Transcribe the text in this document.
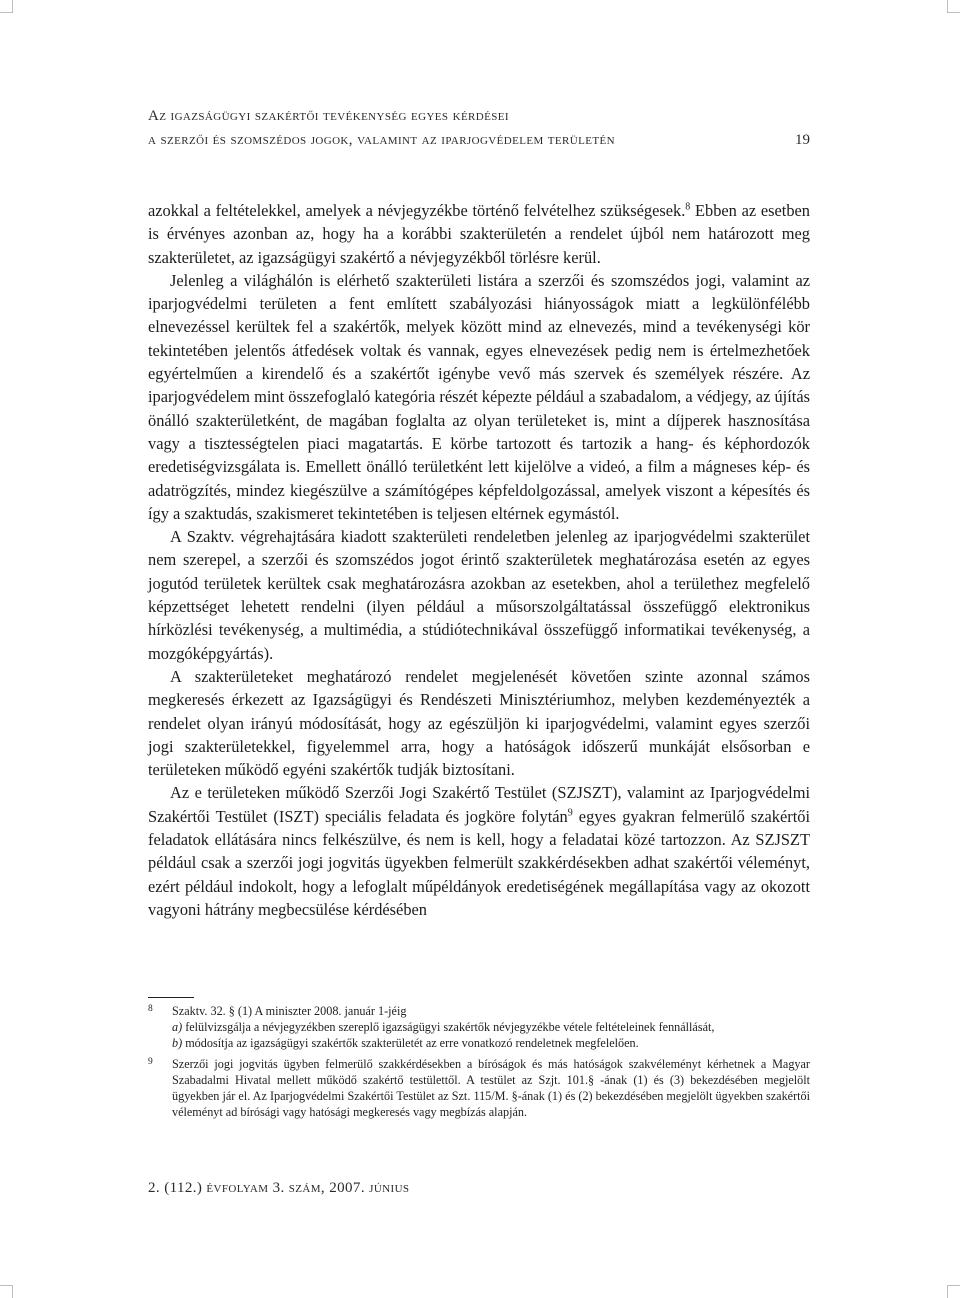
Az igazságügyi szakértői tevékenység egyes kérdései
a szerzői és szomszédos jogok, valamint az iparjogvédelem területén	19

azokkal a feltételekkel, amelyek a névjegyzékbe történő felvételhez szükségesek.$^8$ Ebben az esetben is érvényes azonban az, hogy ha a korábbi szakterületén a rendelet újból nem határozott meg szakterületet, az igazságügyi szakértő a névjegyzékből törlésre kerül.

Jelenleg a világhálón is elérhető szakterületi listára a szerzői és szomszédos jogi, valamint az iparjogvédelmi területen a fent említett szabályozási hiányosságok miatt a legkülönfélébb elnevezéssel kerültek fel a szakértők, melyek között mind az elnevezés, mind a tevékenységi kör tekintetében jelentős átfedések voltak és vannak, egyes elnevezések pedig nem is értelmezhetőek egyértelműen a kirendelő és a szakértőt igénybe vevő más szervek és személyek részére. Az iparjogvédelem mint összefoglaló kategória részét képezte például a szabadalom, a védjegy, az újítás önálló szakterületként, de magában foglalta az olyan területeket is, mint a díjperek hasznosítása vagy a tisztességtelen piaci magatartás. E körbe tartozott és tartozik a hang- és képhordozók eredetiségvizsgálata is. Emellett önálló területként lett kijelölve a videó, a film a mágneses kép- és adatrögzítés, mindez kiegészülve a számítógépes képfeldolgozással, amelyek viszont a képesítés és így a szaktudás, szakismeret tekintetében is teljesen eltérnek egymástól.

A Szaktv. végrehajtására kiadott szakterületi rendeletben jelenleg az iparjogvédelmi szakterület nem szerepel, a szerzői és szomszédos jogot érintő szakterületek meghatározása esetén az egyes jogutód területek kerültek csak meghatározásra azokban az esetekben, ahol a területhez megfelelő képzettséget lehetett rendelni (ilyen például a műsorszolgáltatással összefüggő elektronikus hírközlési tevékenység, a multimédia, a stúdiótechnikával összefüggő informatikai tevékenység, a mozgóképgyártás).

A szakterületeket meghatározó rendelet megjelenését követően szinte azonnal számos megkeresés érkezett az Igazságügyi és Rendészeti Minisztériumhoz, melyben kezdeményezték a rendelet olyan irányú módosítását, hogy az egészüljön ki iparjogvédelmi, valamint egyes szerzői jogi szakterületekkel, figyelemmel arra, hogy a hatóságok időszerű munkáját elsősorban e területeken működő egyéni szakértők tudják biztosítani.

Az e területeken működő Szerzői Jogi Szakértő Testület (SZJSZT), valamint az Iparjogvédelmi Szakértői Testület (ISZT) speciális feladata és jogköre folytán$^9$ egyes gyakran felmerülő szakértői feladatok ellátására nincs felkészülve, és nem is kell, hogy a feladatai közé tartozzon. Az SZJSZT például csak a szerzői jogi jogvitás ügyekben felmerült szakkérdésekben adhat szakértői véleményt, ezért például indokolt, hogy a lefoglalt műpéldányok eredetiségének megállapítása vagy az okozott vagyoni hátrány megbecsülése kérdésében

8	Szaktv. 32. § (1) A miniszter 2008. január 1-jéig
a) felülvizsgálja a névjegyzékben szereplő igazságügyi szakértők névjegyzékbe vétele feltételeinek fennállását,
b) módosítja az igazságügyi szakértők szakterületét az erre vonatkozó rendeletnek megfelelően.
9	Szerzői jogi jogvitás ügyben felmerülő szakkérdésekben a bíróságok és más hatóságok szakvéleményt kérhetnek a Magyar Szabadalmi Hivatal mellett működő szakértő testülettől. A testület az Szjt. 101.§ -ának (1) és (3) bekezdésében megjelölt ügyekben jár el. Az Iparjogvédelmi Szakértői Testület az Szt. 115/M. §-ának (1) és (2) bekezdésében megjelölt ügyekben szakértői véleményt ad bírósági vagy hatósági megkeresés vagy megbízás alapján.
2. (112.) évfolyam 3. szám, 2007. június
